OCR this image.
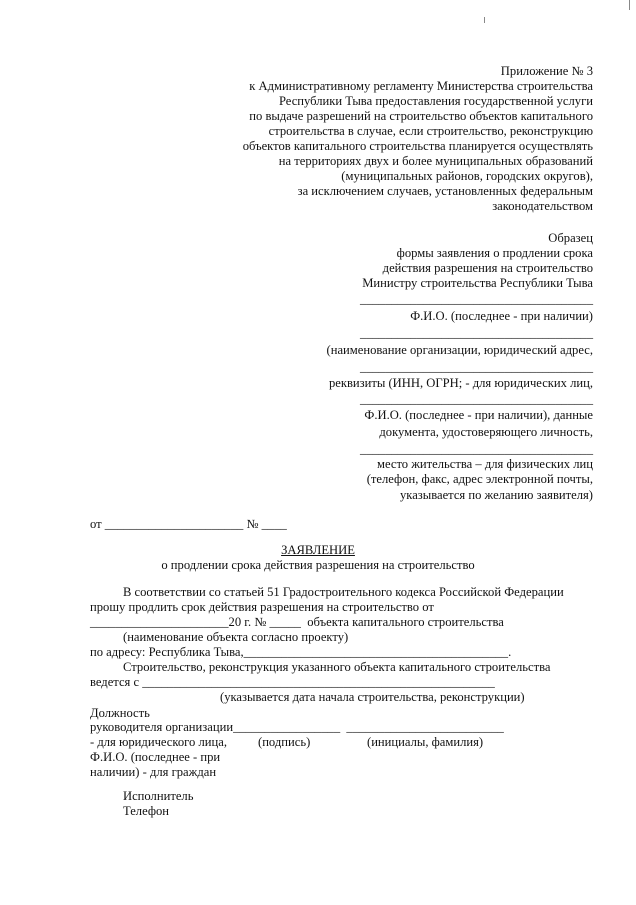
Приложение № 3
к Административному регламенту Министерства строительства
Республики Тыва предоставления государственной услуги
по выдаче разрешений на строительство объектов капитального
строительства в случае, если строительство, реконструкцию
объектов капитального строительства планируется осуществлять
на территориях двух и более муниципальных образований
(муниципальных районов, городских округов),
за исключением случаев, установленных федеральным
законодательством
Образец
формы заявления о продлении срока
действия разрешения на строительство
Министру строительства Республики Тыва
_____________________________________
Ф.И.О. (последнее - при наличии)
_____________________________________
(наименование организации, юридический адрес,
_____________________________________
реквизиты (ИНН, ОГРН; - для юридических лиц,
_____________________________________
Ф.И.О. (последнее - при наличии), данные
документа, удостоверяющего личность,
_____________________________________
место жительства – для физических лиц
(телефон, факс, адрес электронной почты,
указывается по желанию заявителя)
от ______________________ № ____
ЗАЯВЛЕНИЕ
о продлении срока действия разрешения на строительство
В соответствии со статьей 51 Градостроительного кодекса Российской Федерации
прошу продлить срок действия разрешения на строительство от
______________________20 г. № _____  объекта капитального строительства
(наименование объекта согласно проекту)
по адресу: Республика Тыва,__________________________________________.
Строительство, реконструкция указанного объекта капитального строительства
ведется с ________________________________________________________
(указывается дата начала строительства, реконструкции)
Должность
руководителя организации_________________  _________________________
- для юридического лица, (подпись)	(инициалы, фамилия)
Ф.И.О. (последнее - при
наличии) - для граждан
Исполнитель
Телефон
